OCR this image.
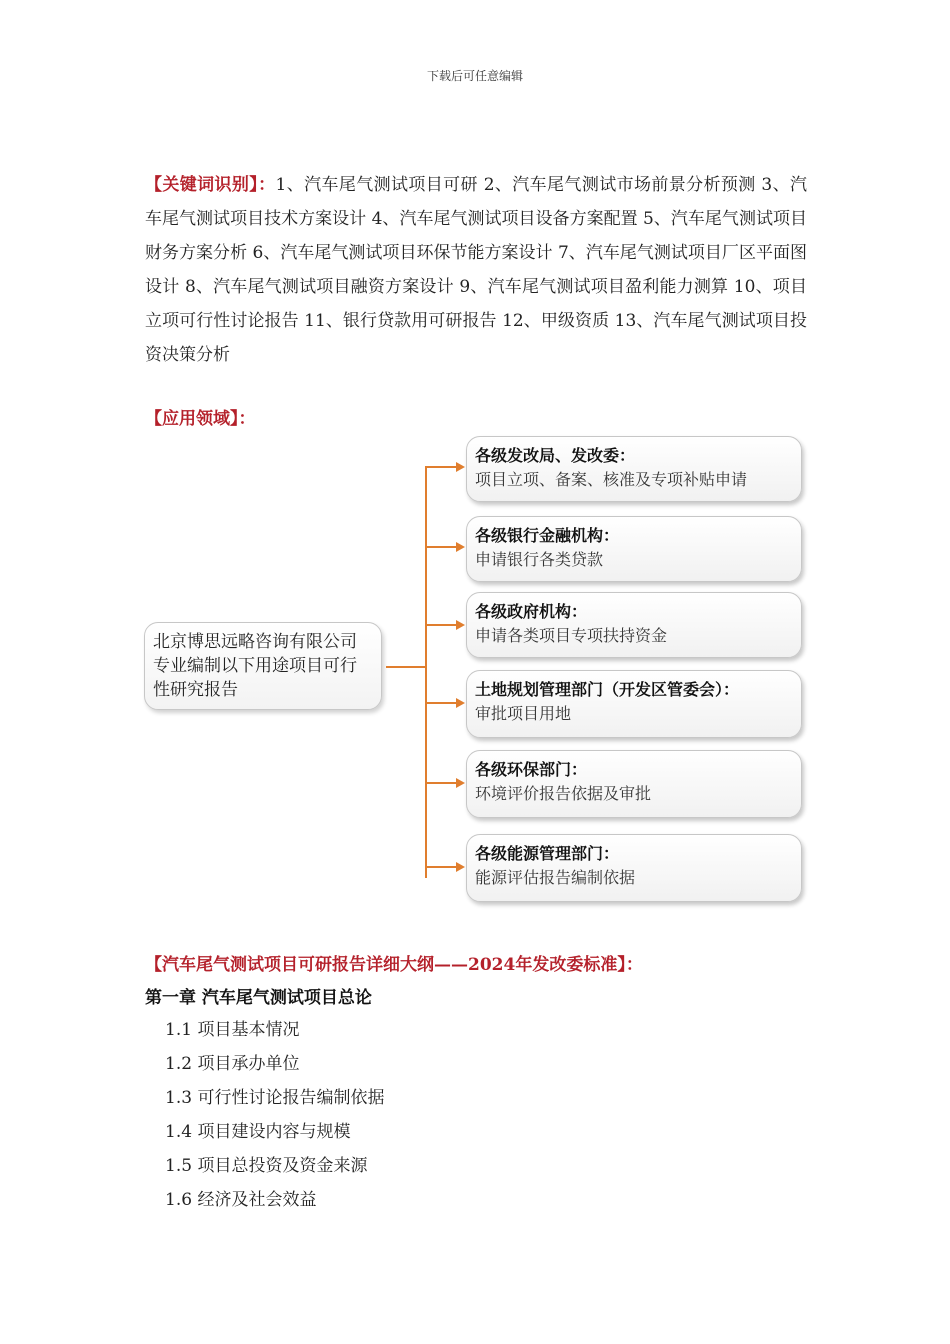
下载后可任意编辑
【关键词识别】：1、汽车尾气测试项目可研 2、汽车尾气测试市场前景分析预测 3、汽车尾气测试项目技术方案设计 4、汽车尾气测试项目设备方案配置 5、汽车尾气测试项目财务方案分析 6、汽车尾气测试项目环保节能方案设计 7、汽车尾气测试项目厂区平面图设计 8、汽车尾气测试项目融资方案设计 9、汽车尾气测试项目盈利能力测算 10、项目立项可行性讨论报告 11、银行贷款用可研报告 12、甲级资质 13、汽车尾气测试项目投资决策分析
【应用领域】：
北京博思远略咨询有限公司专业编制以下用途项目可行性研究报告
各级发改局、发改委：
项目立项、备案、核准及专项补贴申请
各级银行金融机构：
申请银行各类贷款
各级政府机构：
申请各类项目专项扶持资金
土地规划管理部门（开发区管委会）：
审批项目用地
各级环保部门：
环境评价报告依据及审批
各级能源管理部门：
能源评估报告编制依据
【汽车尾气测试项目可研报告详细大纲——2024年发改委标准】：
第一章 汽车尾气测试项目总论
1.1 项目基本情况
1.2 项目承办单位
1.3 可行性讨论报告编制依据
1.4 项目建设内容与规模
1.5 项目总投资及资金来源
1.6 经济及社会效益
